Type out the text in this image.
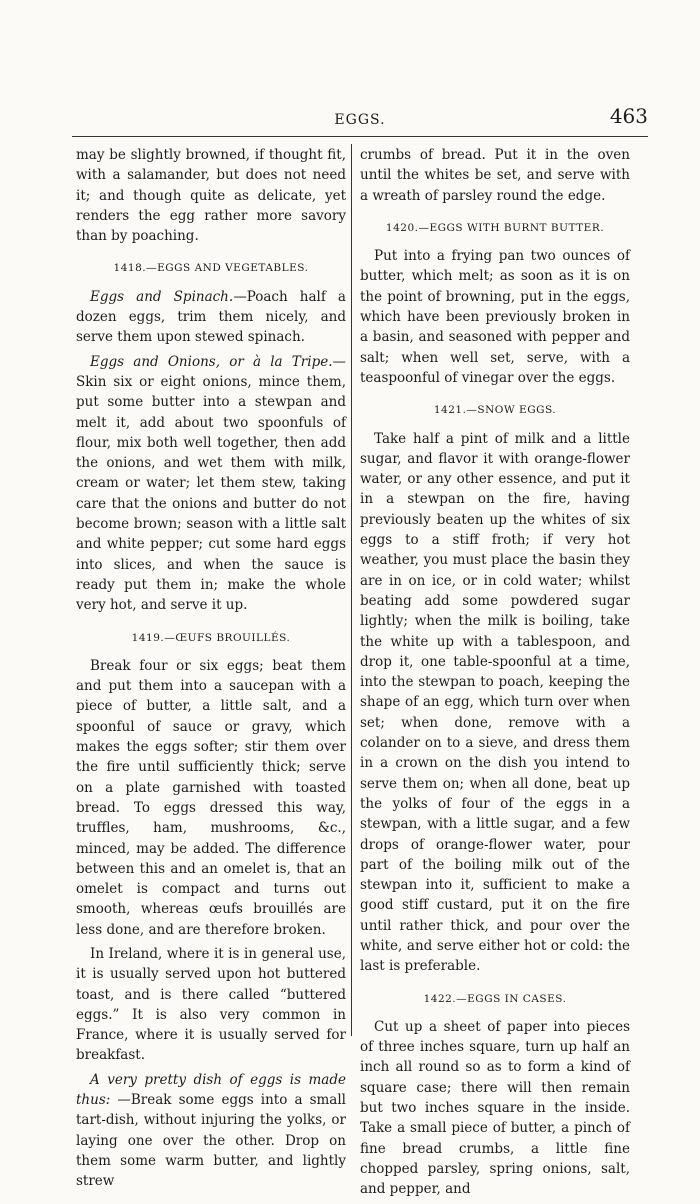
EGGS.	463

may be slightly browned, if thought fit, with a salamander, but does not need it; and though quite as delicate, yet renders the egg rather more savory than by poaching.

1418.—EGGS AND VEGETABLES.

Eggs and Spinach.—Poach half a dozen eggs, trim them nicely, and serve them upon stewed spinach.

Eggs and Onions, or à la Tripe.—Skin six or eight onions, mince them, put some butter into a stewpan and melt it, add about two spoonfuls of flour, mix both well together, then add the onions, and wet them with milk, cream or water; let them stew, taking care that the onions and butter do not become brown; season with a little salt and white pepper; cut some hard eggs into slices, and when the sauce is ready put them in; make the whole very hot, and serve it up.

1419.—ŒUFS BROUILLÉS.

Break four or six eggs; beat them and put them into a saucepan with a piece of butter, a little salt, and a spoonful of sauce or gravy, which makes the eggs softer; stir them over the fire until sufficiently thick; serve on a plate garnished with toasted bread. To eggs dressed this way, truffles, ham, mushrooms, &c., minced, may be added. The difference between this and an omelet is, that an omelet is compact and turns out smooth, whereas œufs brouillés are less done, and are therefore broken.

In Ireland, where it is in general use, it is usually served upon hot buttered toast, and is there called “buttered eggs.” It is also very common in France, where it is usually served for breakfast.

A very pretty dish of eggs is made thus: —Break some eggs into a small tart-dish, without injuring the yolks, or laying one over the other. Drop on them some warm butter, and lightly strew

crumbs of bread. Put it in the oven until the whites be set, and serve with a wreath of parsley round the edge.

1420.—EGGS WITH BURNT BUTTER.

Put into a frying pan two ounces of butter, which melt; as soon as it is on the point of browning, put in the eggs, which have been previously broken in a basin, and seasoned with pepper and salt; when well set, serve, with a teaspoonful of vinegar over the eggs.

1421.—SNOW EGGS.

Take half a pint of milk and a little sugar, and flavor it with orange-flower water, or any other essence, and put it in a stewpan on the fire, having previously beaten up the whites of six eggs to a stiff froth; if very hot weather, you must place the basin they are in on ice, or in cold water; whilst beating add some powdered sugar lightly; when the milk is boiling, take the white up with a tablespoon, and drop it, one table-spoonful at a time, into the stewpan to poach, keeping the shape of an egg, which turn over when set; when done, remove with a colander on to a sieve, and dress them in a crown on the dish you intend to serve them on; when all done, beat up the yolks of four of the eggs in a stewpan, with a little sugar, and a few drops of orange-flower water, pour part of the boiling milk out of the stewpan into it, sufficient to make a good stiff custard, put it on the fire until rather thick, and pour over the white, and serve either hot or cold: the last is preferable.

1422.—EGGS IN CASES.

Cut up a sheet of paper into pieces of three inches square, turn up half an inch all round so as to form a kind of square case; there will then remain but two inches square in the inside. Take a small piece of butter, a pinch of fine bread crumbs, a little fine chopped parsley, spring onions, salt, and pepper, and
